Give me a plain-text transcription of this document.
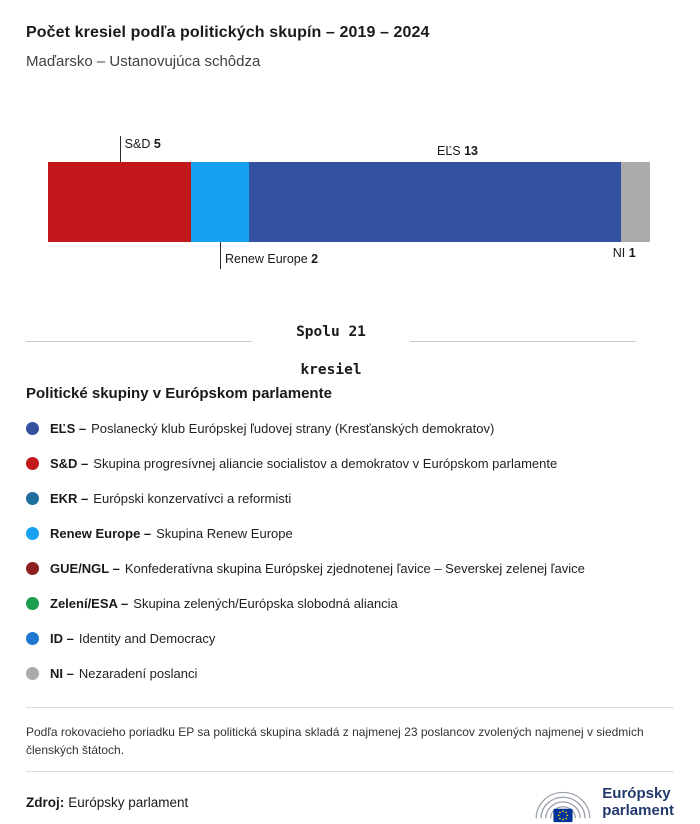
Počet kresiel podľa politických skupín – 2019 – 2024
Maďarsko – Ustanovujúca schôdza
S&D 5
Renew Europe 2
EĽS 13
NI 1

Spolu 21

kresiel

Politické skupiny v Európskom parlamente
EĽS – Poslanecký klub Európskej ľudovej strany (Kresťanských demokratov)
S&D – Skupina progresívnej aliancie socialistov a demokratov v Európskom parlamente
EKR – Európski konzervatívci a reformisti
Renew Europe – Skupina Renew Europe
GUE/NGL – Konfederatívna skupina Európskej zjednotenej ľavice – Severskej zelenej ľavice
Zelení/ESA – Skupina zelených/Európska slobodná aliancia
ID – Identity and Democracy
NI – Nezaradení poslanci
Podľa rokovacieho poriadku EP sa politická skupina skladá z najmenej 23 poslancov zvolených najmenej v siedmich členských štátoch.
Zdroj: Európsky parlament
Európsky
parlament
